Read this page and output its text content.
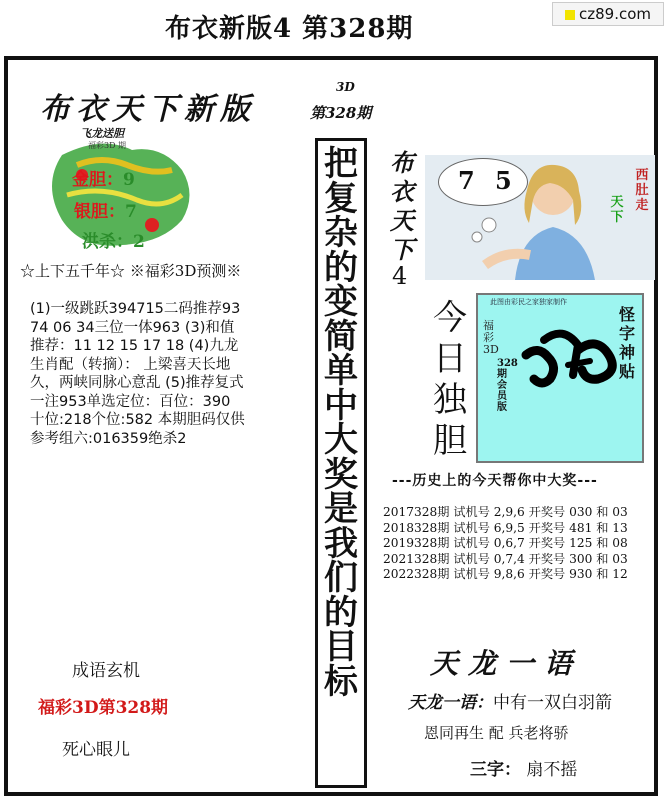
布衣新版4 第328期	cz89.com
布衣天下新版
飞龙送胆
福彩3D 期
金胆：9
银胆：7
洪杀：2
☆上下五千年☆ ※福彩3D预测※
(1)一级跳跃394715二码推荐93 74 06 34三位一体963 (3)和值推荐：11 12 15 17 18 (4)九龙生肖配（转摘）： 上梁喜天长地久，两峡同脉心意乱 (5)推荐复式一注953单选定位：百位：390 十位:218个位:582 本期胆码仅供参考组六:016359绝杀2
成语玄机
福彩3D第328期
死心眼儿
3D
第328期
把
复
杂
的
变
简
单
中
大
奖
是
我
们
的
目
标
布
衣
天
下
4
7 5	西
肚
走
天
下
今
日
独
胆
此图由彩民之家独家制作
怪
字
神
贴
福彩3D
328期会员版
---历史上的今天帮你中大奖---
2017328期 试机号 2,9,6 开奖号 030 和 03
2018328期 试机号 6,9,5 开奖号 481 和 13
2019328期 试机号 0,6,7 开奖号 125 和 08
2021328期 试机号 0,7,4 开奖号 300 和 03
2022328期 试机号 9,8,6 开奖号 930 和 12
天龙一语
天龙一语：中有一双白羽箭
恩同再生 配 兵老将骄
三字： 扇不摇
